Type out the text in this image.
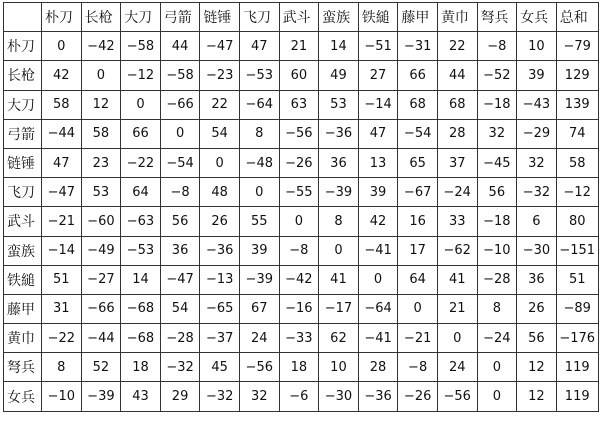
	朴刀	长枪	大刀	弓箭	链锤	飞刀	武斗	蛮族	铁縋	藤甲	黄巾	弩兵	女兵	总和
朴刀	0	−42	−58	44	−47	47	21	14	−51	−31	22	−8	10	−79
长枪	42	0	−12	−58	−23	−53	60	49	27	66	44	−52	39	129
大刀	58	12	0	−66	22	−64	63	53	−14	68	68	−18	−43	139
弓箭	−44	58	66	0	54	8	−56	−36	47	−54	28	32	−29	74
链锤	47	23	−22	−54	0	−48	−26	36	13	65	37	−45	32	58
飞刀	−47	53	64	−8	48	0	−55	−39	39	−67	−24	56	−32	−12
武斗	−21	−60	−63	56	26	55	0	8	42	16	33	−18	6	80
蛮族	−14	−49	−53	36	−36	39	−8	0	−41	17	−62	−10	−30	−151
铁縋	51	−27	14	−47	−13	−39	−42	41	0	64	41	−28	36	51
藤甲	31	−66	−68	54	−65	67	−16	−17	−64	0	21	8	26	−89
黄巾	−22	−44	−68	−28	−37	24	−33	62	−41	−21	0	−24	56	−176
弩兵	8	52	18	−32	45	−56	18	10	28	−8	24	0	12	119
女兵	−10	−39	43	29	−32	32	−6	−30	−36	−26	−56	0	12	119
